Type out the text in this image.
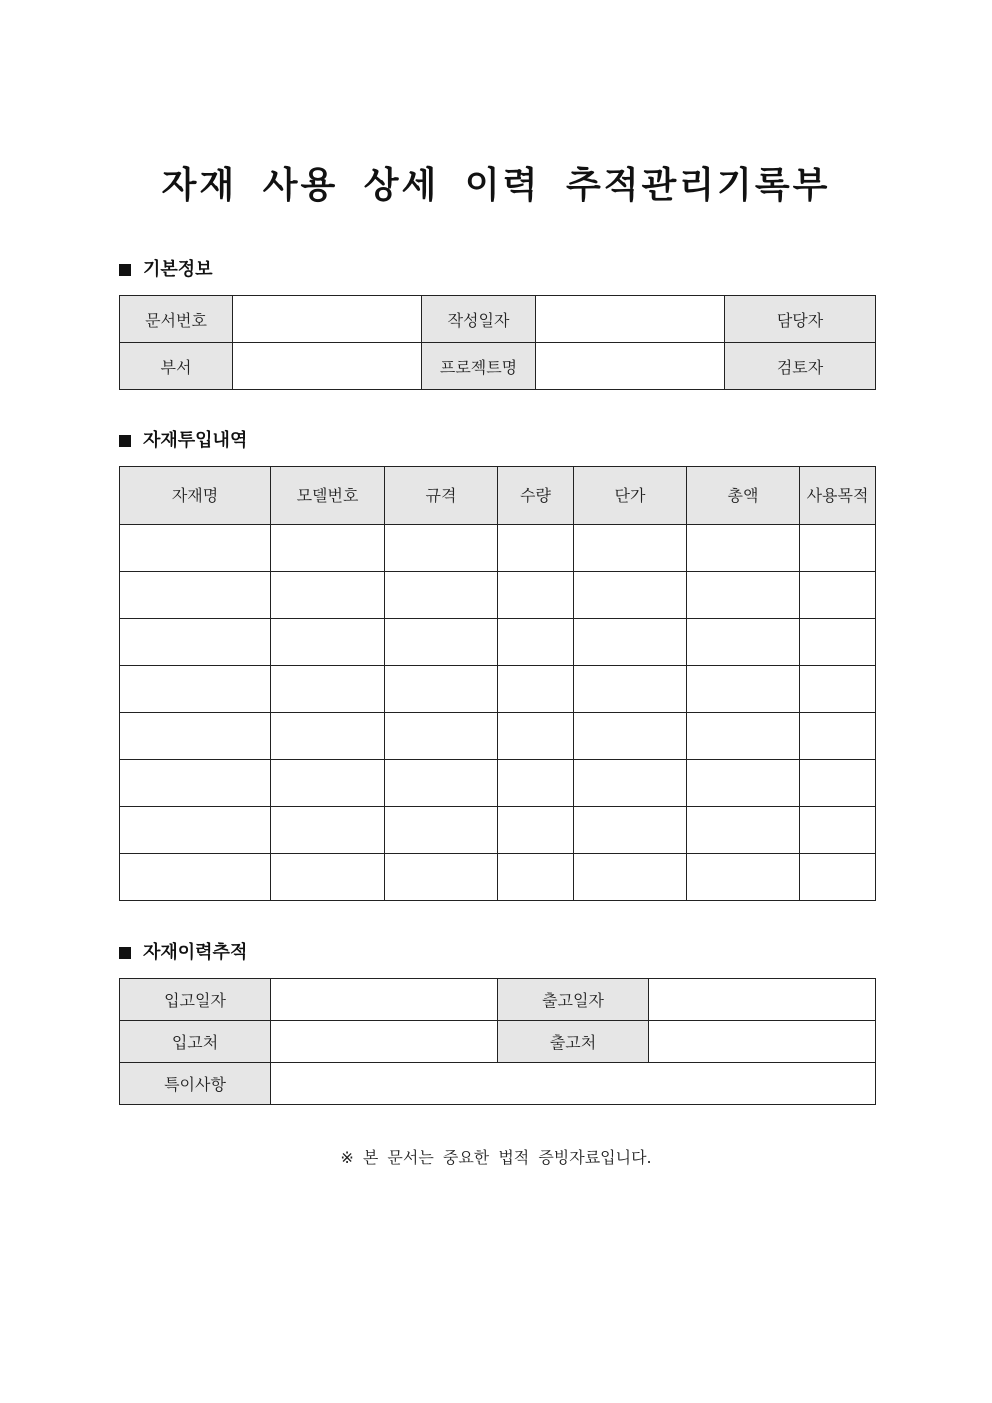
자재 사용 상세 이력 추적관리기록부
기본정보
문서번호		작성일자		담당자
부서		프로젝트명		검토자
자재투입내역
자재명	모델번호	규격	수량	단가	총액	사용목적

자재이력추적
입고일자		출고일자	
입고처		출고처	
특이사항			
※ 본 문서는 중요한 법적 증빙자료입니다.
